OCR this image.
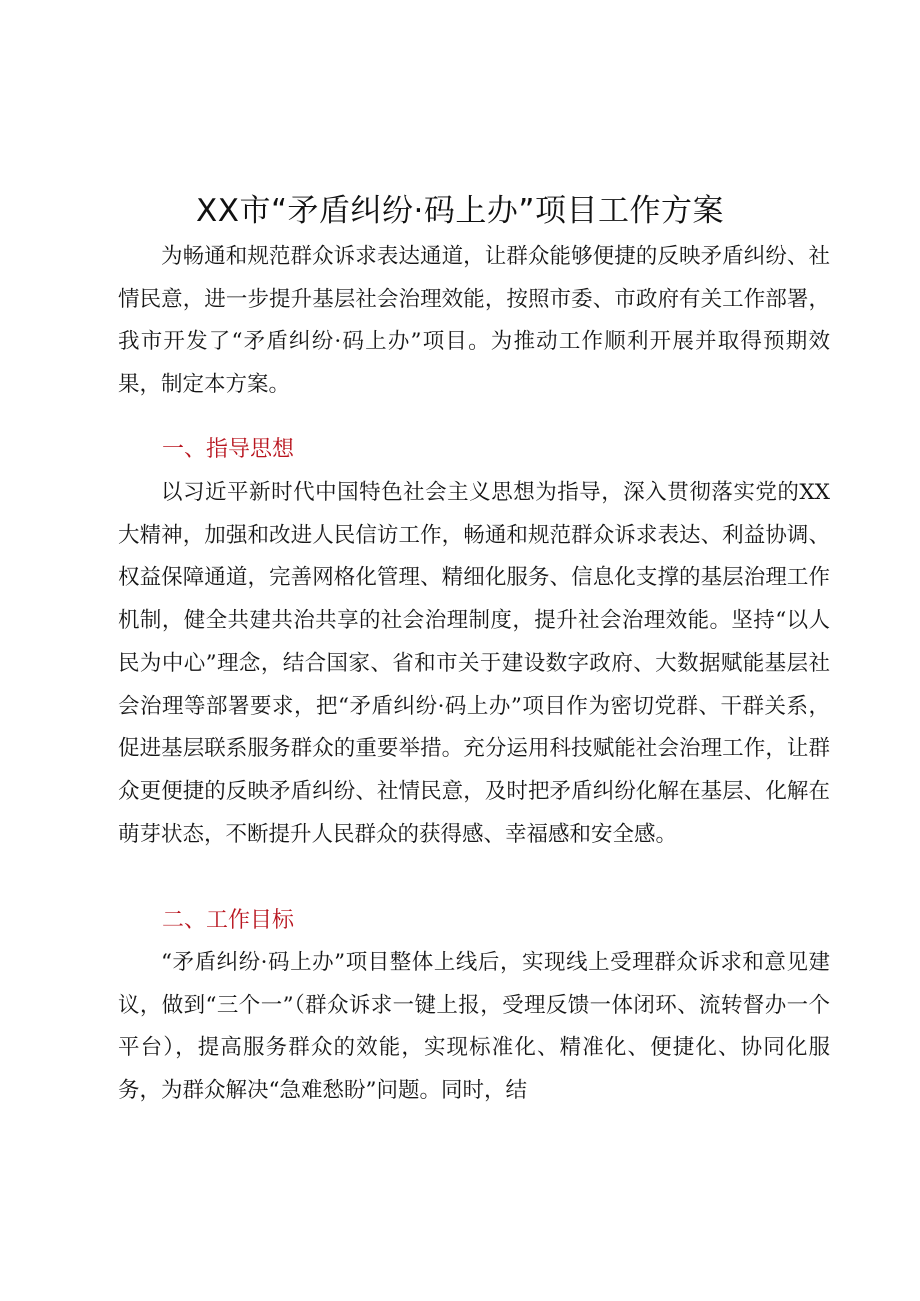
XX市“矛盾纠纷·码上办”项目工作方案

为畅通和规范群众诉求表达通道，让群众能够便捷的反映矛盾纠纷、社情民意，进一步提升基层社会治理效能，按照市委、市政府有关工作部署，我市开发了“矛盾纠纷·码上办”项目。为推动工作顺利开展并取得预期效果，制定本方案。

一、指导思想

以习近平新时代中国特色社会主义思想为指导，深入贯彻落实党的XX大精神，加强和改进人民信访工作，畅通和规范群众诉求表达、利益协调、权益保障通道，完善网格化管理、精细化服务、信息化支撑的基层治理工作机制，健全共建共治共享的社会治理制度，提升社会治理效能。坚持“以人民为中心”理念，结合国家、省和市关于建设数字政府、大数据赋能基层社会治理等部署要求，把“矛盾纠纷·码上办”项目作为密切党群、干群关系，促进基层联系服务群众的重要举措。充分运用科技赋能社会治理工作，让群众更便捷的反映矛盾纠纷、社情民意，及时把矛盾纠纷化解在基层、化解在萌芽状态，不断提升人民群众的获得感、幸福感和安全感。

二、工作目标

“矛盾纠纷·码上办”项目整体上线后，实现线上受理群众诉求和意见建议，做到“三个一”（群众诉求一键上报，受理反馈一体闭环、流转督办一个平台），提高服务群众的效能，实现标准化、精准化、便捷化、协同化服务，为群众解决“急难愁盼”问题。同时，结
